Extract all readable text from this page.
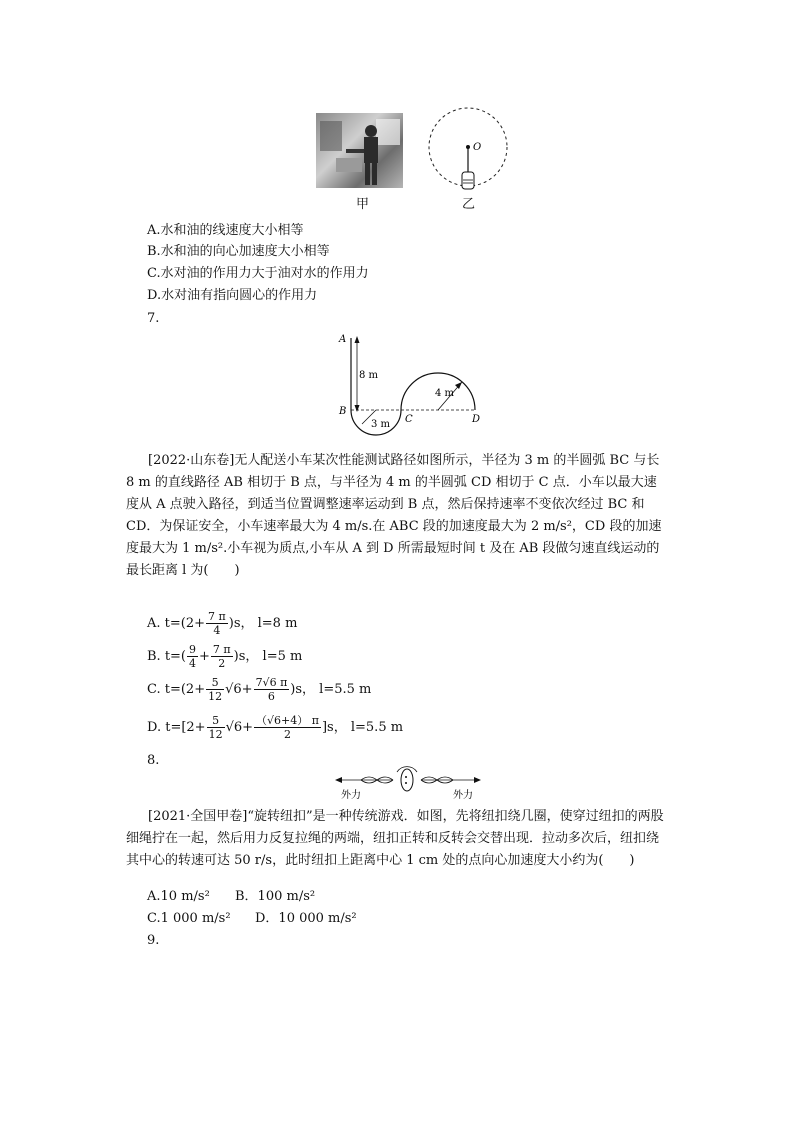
甲
O
乙
A.水和油的线速度大小相等
B.水和油的向心加速度大小相等
C.水对油的作用力大于油对水的作用力
D.水对油有指向圆心的作用力
7.
A
8 m
B
4 m
3 m C	D
[2022·山东卷]无人配送小车某次性能测试路径如图所示，半径为 3 m 的半圆弧 BC 与长 8 m 的直线路径 AB 相切于 B 点，与半径为 4 m 的半圆弧 CD 相切于 C 点．小车以最大速度从 A 点驶入路径，到适当位置调整速率运动到 B 点，然后保持速率不变依次经过 BC 和 CD．为保证安全，小车速率最大为 4 m/s.在 ABC 段的加速度最大为 2 m/s²，CD 段的加速度最大为 1 m/s².小车视为质点,小车从 A 到 D 所需最短时间 t 及在 AB 段做匀速直线运动的最长距离 l 为(　　)
A. $t=(2+ \frac{7 \pi}{4} )s$， l=8 m
B. $t=( \frac{9}{4} + \frac{7 \pi}{2} )s$， l=5 m
C. $t=(2+ \frac{5}{12} √6+ \frac{7√6 \pi}{6} )s$， l=5.5 m
D. $t=[2+ \frac{5}{12} √6+ \frac{(√6+4) \pi}{2} ]s$， l=5.5 m
8.
外力	外力
[2021·全国甲卷]“旋转纽扣”是一种传统游戏．如图，先将纽扣绕几圈，使穿过纽扣的两股细绳拧在一起，然后用力反复拉绳的两端，纽扣正转和反转会交替出现．拉动多次后，纽扣绕其中心的转速可达 50 r/s，此时纽扣上距离中心 1 cm 处的点向心加速度大小约为(　　)
A.10 m/s² B．100 m/s²
C.1 000 m/s² D．10 000 m/s²
9.
